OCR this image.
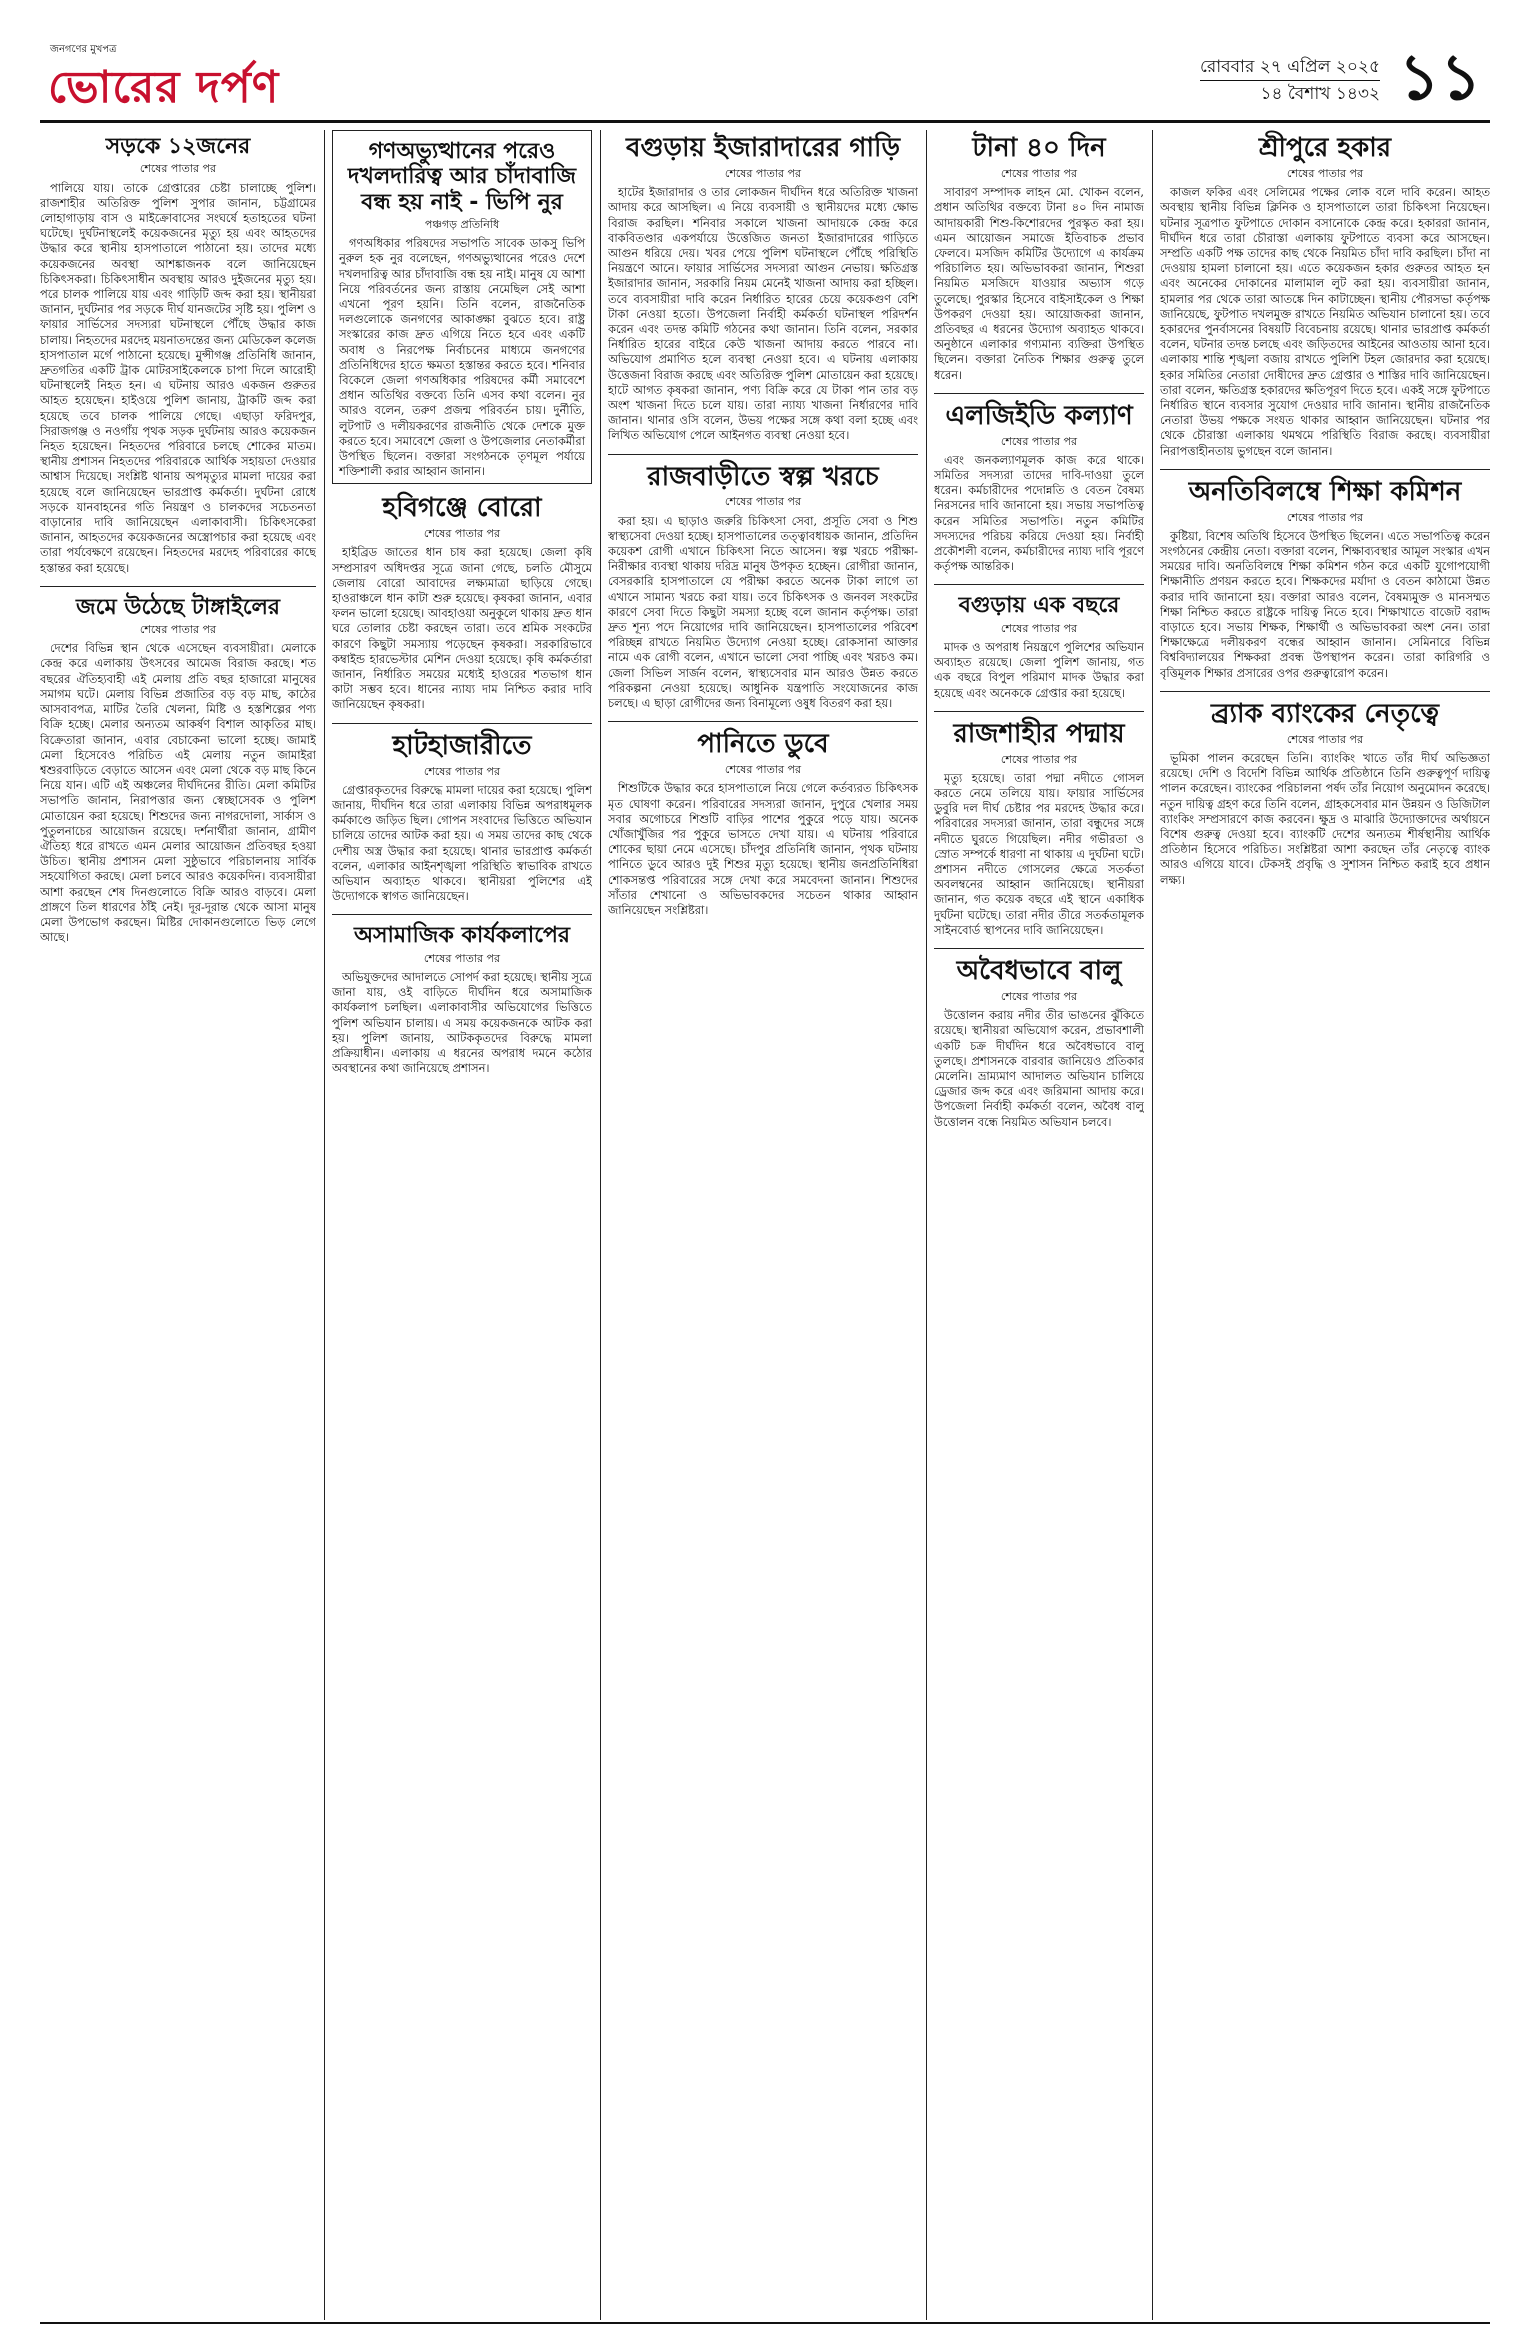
জনগণের মুখপত্র
ভোরের দর্পণ	রোববার ২৭ এপ্রিল ২০২৫
১৪ বৈশাখ ১৪৩২ ১১
সড়কে ১২জনের
শেষের পাতার পর
পালিয়ে যায়। তাকে গ্রেপ্তারের চেষ্টা চালাচ্ছে পুলিশ। রাজশাহীর অতিরিক্ত পুলিশ সুপার জানান, চট্টগ্রামের লোহাগাড়ায় বাস ও মাইক্রোবাসের সংঘর্ষে হতাহতের ঘটনা ঘটেছে। দুর্ঘটনাস্থলেই কয়েকজনের মৃত্যু হয় এবং আহতদের উদ্ধার করে স্থানীয় হাসপাতালে পাঠানো হয়। তাদের মধ্যে কয়েকজনের অবস্থা আশঙ্কাজনক বলে জানিয়েছেন চিকিৎসকরা। চিকিৎসাধীন অবস্থায় আরও দুইজনের মৃত্যু হয়। পরে চালক পালিয়ে যায় এবং গাড়িটি জব্দ করা হয়। স্থানীয়রা জানান, দুর্ঘটনার পর সড়কে দীর্ঘ যানজটের সৃষ্টি হয়। পুলিশ ও ফায়ার সার্ভিসের সদস্যরা ঘটনাস্থলে পৌঁছে উদ্ধার কাজ চালায়। নিহতদের মরদেহ ময়নাতদন্তের জন্য মেডিকেল কলেজ হাসপাতাল মর্গে পাঠানো হয়েছে। মুন্সীগঞ্জ প্রতিনিধি জানান, দ্রুতগতির একটি ট্রাক মোটরসাইকেলকে চাপা দিলে আরোহী ঘটনাস্থলেই নিহত হন। এ ঘটনায় আরও একজন গুরুতর আহত হয়েছেন। হাইওয়ে পুলিশ জানায়, ট্রাকটি জব্দ করা হয়েছে তবে চালক পালিয়ে গেছে। এছাড়া ফরিদপুর, সিরাজগঞ্জ ও নওগাঁয় পৃথক সড়ক দুর্ঘটনায় আরও কয়েকজন নিহত হয়েছেন। নিহতদের পরিবারে চলছে শোকের মাতম। স্থানীয় প্রশাসন নিহতদের পরিবারকে আর্থিক সহায়তা দেওয়ার আশ্বাস দিয়েছে। সংশ্লিষ্ট থানায় অপমৃত্যুর মামলা দায়ের করা হয়েছে বলে জানিয়েছেন ভারপ্রাপ্ত কর্মকর্তা। দুর্ঘটনা রোধে সড়কে যানবাহনের গতি নিয়ন্ত্রণ ও চালকদের সচেতনতা বাড়ানোর দাবি জানিয়েছেন এলাকাবাসী। চিকিৎসকেরা জানান, আহতদের কয়েকজনের অস্ত্রোপচার করা হয়েছে এবং তারা পর্যবেক্ষণে রয়েছেন। নিহতদের মরদেহ পরিবারের কাছে হস্তান্তর করা হয়েছে।
জমে উঠেছে টাঙ্গাইলের
শেষের পাতার পর
দেশের বিভিন্ন স্থান থেকে এসেছেন ব্যবসায়ীরা। মেলাকে কেন্দ্র করে এলাকায় উৎসবের আমেজ বিরাজ করছে। শত বছরের ঐতিহ্যবাহী এই মেলায় প্রতি বছর হাজারো মানুষের সমাগম ঘটে। মেলায় বিভিন্ন প্রজাতির বড় বড় মাছ, কাঠের আসবাবপত্র, মাটির তৈরি খেলনা, মিষ্টি ও হস্তশিল্পের পণ্য বিক্রি হচ্ছে। মেলার অন্যতম আকর্ষণ বিশাল আকৃতির মাছ। বিক্রেতারা জানান, এবার বেচাকেনা ভালো হচ্ছে। জামাই মেলা হিসেবেও পরিচিত এই মেলায় নতুন জামাইরা শ্বশুরবাড়িতে বেড়াতে আসেন এবং মেলা থেকে বড় মাছ কিনে নিয়ে যান। এটি এই অঞ্চলের দীর্ঘদিনের রীতি। মেলা কমিটির সভাপতি জানান, নিরাপত্তার জন্য স্বেচ্ছাসেবক ও পুলিশ মোতায়েন করা হয়েছে। শিশুদের জন্য নাগরদোলা, সার্কাস ও পুতুলনাচের আয়োজন রয়েছে। দর্শনার্থীরা জানান, গ্রামীণ ঐতিহ্য ধরে রাখতে এমন মেলার আয়োজন প্রতিবছর হওয়া উচিত। স্থানীয় প্রশাসন মেলা সুষ্ঠুভাবে পরিচালনায় সার্বিক সহযোগিতা করছে। মেলা চলবে আরও কয়েকদিন। ব্যবসায়ীরা আশা করছেন শেষ দিনগুলোতে বিক্রি আরও বাড়বে। মেলা প্রাঙ্গণে তিল ধারণের ঠাঁই নেই। দূর-দূরান্ত থেকে আসা মানুষ মেলা উপভোগ করছেন। মিষ্টির দোকানগুলোতে ভিড় লেগে আছে।
গণঅভ্যুত্থানের পরেও দখলদারিত্ব আর চাঁদাবাজি বন্ধ হয় নাই - ভিপি নুর
পঞ্চগড় প্রতিনিধি
গণঅধিকার পরিষদের সভাপতি সাবেক ডাকসু ভিপি নুরুল হক নুর বলেছেন, গণঅভ্যুত্থানের পরেও দেশে দখলদারিত্ব আর চাঁদাবাজি বন্ধ হয় নাই। মানুষ যে আশা নিয়ে পরিবর্তনের জন্য রাস্তায় নেমেছিল সেই আশা এখনো পূরণ হয়নি। তিনি বলেন, রাজনৈতিক দলগুলোকে জনগণের আকাঙ্ক্ষা বুঝতে হবে। রাষ্ট্র সংস্কারের কাজ দ্রুত এগিয়ে নিতে হবে এবং একটি অবাধ ও নিরপেক্ষ নির্বাচনের মাধ্যমে জনগণের প্রতিনিধিদের হাতে ক্ষমতা হস্তান্তর করতে হবে। শনিবার বিকেলে জেলা গণঅধিকার পরিষদের কর্মী সমাবেশে প্রধান অতিথির বক্তব্যে তিনি এসব কথা বলেন। নুর আরও বলেন, তরুণ প্রজন্ম পরিবর্তন চায়। দুর্নীতি, লুটপাট ও দলীয়করণের রাজনীতি থেকে দেশকে মুক্ত করতে হবে। সমাবেশে জেলা ও উপজেলার নেতাকর্মীরা উপস্থিত ছিলেন। বক্তারা সংগঠনকে তৃণমূল পর্যায়ে শক্তিশালী করার আহ্বান জানান।
হবিগঞ্জে বোরো
শেষের পাতার পর
হাইব্রিড জাতের ধান চাষ করা হয়েছে। জেলা কৃষি সম্প্রসারণ অধিদপ্তর সূত্রে জানা গেছে, চলতি মৌসুমে জেলায় বোরো আবাদের লক্ষ্যমাত্রা ছাড়িয়ে গেছে। হাওরাঞ্চলে ধান কাটা শুরু হয়েছে। কৃষকরা জানান, এবার ফলন ভালো হয়েছে। আবহাওয়া অনুকূলে থাকায় দ্রুত ধান ঘরে তোলার চেষ্টা করছেন তারা। তবে শ্রমিক সংকটের কারণে কিছুটা সমস্যায় পড়েছেন কৃষকরা। সরকারিভাবে কম্বাইন্ড হারভেস্টার মেশিন দেওয়া হয়েছে। কৃষি কর্মকর্তারা জানান, নির্ধারিত সময়ের মধ্যেই হাওরের শতভাগ ধান কাটা সম্ভব হবে। ধানের ন্যায্য দাম নিশ্চিত করার দাবি জানিয়েছেন কৃষকরা।
হাটহাজারীতে
শেষের পাতার পর
গ্রেপ্তারকৃতদের বিরুদ্ধে মামলা দায়ের করা হয়েছে। পুলিশ জানায়, দীর্ঘদিন ধরে তারা এলাকায় বিভিন্ন অপরাধমূলক কর্মকাণ্ডে জড়িত ছিল। গোপন সংবাদের ভিত্তিতে অভিযান চালিয়ে তাদের আটক করা হয়। এ সময় তাদের কাছ থেকে দেশীয় অস্ত্র উদ্ধার করা হয়েছে। থানার ভারপ্রাপ্ত কর্মকর্তা বলেন, এলাকার আইনশৃঙ্খলা পরিস্থিতি স্বাভাবিক রাখতে অভিযান অব্যাহত থাকবে। স্থানীয়রা পুলিশের এই উদ্যোগকে স্বাগত জানিয়েছেন।
অসামাজিক কার্যকলাপের
শেষের পাতার পর
অভিযুক্তদের আদালতে সোপর্দ করা হয়েছে। স্থানীয় সূত্রে জানা যায়, ওই বাড়িতে দীর্ঘদিন ধরে অসামাজিক কার্যকলাপ চলছিল। এলাকাবাসীর অভিযোগের ভিত্তিতে পুলিশ অভিযান চালায়। এ সময় কয়েকজনকে আটক করা হয়। পুলিশ জানায়, আটককৃতদের বিরুদ্ধে মামলা প্রক্রিয়াধীন। এলাকায় এ ধরনের অপরাধ দমনে কঠোর অবস্থানের কথা জানিয়েছে প্রশাসন।
বগুড়ায় ইজারাদারের গাড়ি
শেষের পাতার পর
হাটের ইজারাদার ও তার লোকজন দীর্ঘদিন ধরে অতিরিক্ত খাজনা আদায় করে আসছিল। এ নিয়ে ব্যবসায়ী ও স্থানীয়দের মধ্যে ক্ষোভ বিরাজ করছিল। শনিবার সকালে খাজনা আদায়কে কেন্দ্র করে বাকবিতণ্ডার একপর্যায়ে উত্তেজিত জনতা ইজারাদারের গাড়িতে আগুন ধরিয়ে দেয়। খবর পেয়ে পুলিশ ঘটনাস্থলে পৌঁছে পরিস্থিতি নিয়ন্ত্রণে আনে। ফায়ার সার্ভিসের সদস্যরা আগুন নেভায়। ক্ষতিগ্রস্ত ইজারাদার জানান, সরকারি নিয়ম মেনেই খাজনা আদায় করা হচ্ছিল। তবে ব্যবসায়ীরা দাবি করেন নির্ধারিত হারের চেয়ে কয়েকগুণ বেশি টাকা নেওয়া হতো। উপজেলা নির্বাহী কর্মকর্তা ঘটনাস্থল পরিদর্শন করেন এবং তদন্ত কমিটি গঠনের কথা জানান। তিনি বলেন, সরকার নির্ধারিত হারের বাইরে কেউ খাজনা আদায় করতে পারবে না। অভিযোগ প্রমাণিত হলে ব্যবস্থা নেওয়া হবে। এ ঘটনায় এলাকায় উত্তেজনা বিরাজ করছে এবং অতিরিক্ত পুলিশ মোতায়েন করা হয়েছে। হাটে আগত কৃষকরা জানান, পণ্য বিক্রি করে যে টাকা পান তার বড় অংশ খাজনা দিতে চলে যায়। তারা ন্যায্য খাজনা নির্ধারণের দাবি জানান। থানার ওসি বলেন, উভয় পক্ষের সঙ্গে কথা বলা হচ্ছে এবং লিখিত অভিযোগ পেলে আইনগত ব্যবস্থা নেওয়া হবে।
রাজবাড়ীতে স্বল্প খরচে
শেষের পাতার পর
করা হয়। এ ছাড়াও জরুরি চিকিৎসা সেবা, প্রসূতি সেবা ও শিশু স্বাস্থ্যসেবা দেওয়া হচ্ছে। হাসপাতালের তত্ত্বাবধায়ক জানান, প্রতিদিন কয়েকশ রোগী এখানে চিকিৎসা নিতে আসেন। স্বল্প খরচে পরীক্ষা-নিরীক্ষার ব্যবস্থা থাকায় দরিদ্র মানুষ উপকৃত হচ্ছেন। রোগীরা জানান, বেসরকারি হাসপাতালে যে পরীক্ষা করতে অনেক টাকা লাগে তা এখানে সামান্য খরচে করা যায়। তবে চিকিৎসক ও জনবল সংকটের কারণে সেবা দিতে কিছুটা সমস্যা হচ্ছে বলে জানান কর্তৃপক্ষ। তারা দ্রুত শূন্য পদে নিয়োগের দাবি জানিয়েছেন। হাসপাতালের পরিবেশ পরিচ্ছন্ন রাখতে নিয়মিত উদ্যোগ নেওয়া হচ্ছে। রোকসানা আক্তার নামে এক রোগী বলেন, এখানে ভালো সেবা পাচ্ছি এবং খরচও কম। জেলা সিভিল সার্জন বলেন, স্বাস্থ্যসেবার মান আরও উন্নত করতে পরিকল্পনা নেওয়া হয়েছে। আধুনিক যন্ত্রপাতি সংযোজনের কাজ চলছে। এ ছাড়া রোগীদের জন্য বিনামূল্যে ওষুধ বিতরণ করা হয়।
পানিতে ডুবে
শেষের পাতার পর
শিশুটিকে উদ্ধার করে হাসপাতালে নিয়ে গেলে কর্তব্যরত চিকিৎসক মৃত ঘোষণা করেন। পরিবারের সদস্যরা জানান, দুপুরে খেলার সময় সবার অগোচরে শিশুটি বাড়ির পাশের পুকুরে পড়ে যায়। অনেক খোঁজাখুঁজির পর পুকুরে ভাসতে দেখা যায়। এ ঘটনায় পরিবারে শোকের ছায়া নেমে এসেছে। চাঁদপুর প্রতিনিধি জানান, পৃথক ঘটনায় পানিতে ডুবে আরও দুই শিশুর মৃত্যু হয়েছে। স্থানীয় জনপ্রতিনিধিরা শোকসন্তপ্ত পরিবারের সঙ্গে দেখা করে সমবেদনা জানান। শিশুদের সাঁতার শেখানো ও অভিভাবকদের সচেতন থাকার আহ্বান জানিয়েছেন সংশ্লিষ্টরা।
টানা ৪০ দিন
শেষের পাতার পর
সাবারণ সম্পাদক লাহন মো. খোকন বলেন, প্রধান অতিথির বক্তব্যে টানা ৪০ দিন নামাজ আদায়কারী শিশু-কিশোরদের পুরস্কৃত করা হয়। এমন আয়োজন সমাজে ইতিবাচক প্রভাব ফেলবে। মসজিদ কমিটির উদ্যোগে এ কার্যক্রম পরিচালিত হয়। অভিভাবকরা জানান, শিশুরা নিয়মিত মসজিদে যাওয়ার অভ্যাস গড়ে তুলেছে। পুরস্কার হিসেবে বাইসাইকেল ও শিক্ষা উপকরণ দেওয়া হয়। আয়োজকরা জানান, প্রতিবছর এ ধরনের উদ্যোগ অব্যাহত থাকবে। অনুষ্ঠানে এলাকার গণ্যমান্য ব্যক্তিরা উপস্থিত ছিলেন। বক্তারা নৈতিক শিক্ষার গুরুত্ব তুলে ধরেন।
এলজিইডি কল্যাণ
শেষের পাতার পর
এবং জনকল্যাণমূলক কাজ করে থাকে। সমিতির সদস্যরা তাদের দাবি-দাওয়া তুলে ধরেন। কর্মচারীদের পদোন্নতি ও বেতন বৈষম্য নিরসনের দাবি জানানো হয়। সভায় সভাপতিত্ব করেন সমিতির সভাপতি। নতুন কমিটির সদস্যদের পরিচয় করিয়ে দেওয়া হয়। নির্বাহী প্রকৌশলী বলেন, কর্মচারীদের ন্যায্য দাবি পূরণে কর্তৃপক্ষ আন্তরিক।
বগুড়ায় এক বছরে
শেষের পাতার পর
মাদক ও অপরাধ নিয়ন্ত্রণে পুলিশের অভিযান অব্যাহত রয়েছে। জেলা পুলিশ জানায়, গত এক বছরে বিপুল পরিমাণ মাদক উদ্ধার করা হয়েছে এবং অনেককে গ্রেপ্তার করা হয়েছে।
রাজশাহীর পদ্মায়
শেষের পাতার পর
মৃত্যু হয়েছে। তারা পদ্মা নদীতে গোসল করতে নেমে তলিয়ে যায়। ফায়ার সার্ভিসের ডুবুরি দল দীর্ঘ চেষ্টার পর মরদেহ উদ্ধার করে। পরিবারের সদস্যরা জানান, তারা বন্ধুদের সঙ্গে নদীতে ঘুরতে গিয়েছিল। নদীর গভীরতা ও স্রোত সম্পর্কে ধারণা না থাকায় এ দুর্ঘটনা ঘটে। প্রশাসন নদীতে গোসলের ক্ষেত্রে সতর্কতা অবলম্বনের আহ্বান জানিয়েছে। স্থানীয়রা জানান, গত কয়েক বছরে এই স্থানে একাধিক দুর্ঘটনা ঘটেছে। তারা নদীর তীরে সতর্কতামূলক সাইনবোর্ড স্থাপনের দাবি জানিয়েছেন।
অবৈধভাবে বালু
শেষের পাতার পর
উত্তোলন করায় নদীর তীর ভাঙনের ঝুঁকিতে রয়েছে। স্থানীয়রা অভিযোগ করেন, প্রভাবশালী একটি চক্র দীর্ঘদিন ধরে অবৈধভাবে বালু তুলছে। প্রশাসনকে বারবার জানিয়েও প্রতিকার মেলেনি। ভ্রাম্যমাণ আদালত অভিযান চালিয়ে ড্রেজার জব্দ করে এবং জরিমানা আদায় করে। উপজেলা নির্বাহী কর্মকর্তা বলেন, অবৈধ বালু উত্তোলন বন্ধে নিয়মিত অভিযান চলবে।
শ্রীপুরে হকার
শেষের পাতার পর
কাজল ফকির এবং সেলিমের পক্ষের লোক বলে দাবি করেন। আহত অবস্থায় স্থানীয় বিভিন্ন ক্লিনিক ও হাসপাতালে তারা চিকিৎসা নিয়েছেন। ঘটনার সূত্রপাত ফুটপাতে দোকান বসানোকে কেন্দ্র করে। হকাররা জানান, দীর্ঘদিন ধরে তারা চৌরাস্তা এলাকায় ফুটপাতে ব্যবসা করে আসছেন। সম্প্রতি একটি পক্ষ তাদের কাছ থেকে নিয়মিত চাঁদা দাবি করছিল। চাঁদা না দেওয়ায় হামলা চালানো হয়। এতে কয়েকজন হকার গুরুতর আহত হন এবং অনেকের দোকানের মালামাল লুট করা হয়। ব্যবসায়ীরা জানান, হামলার পর থেকে তারা আতঙ্কে দিন কাটাচ্ছেন। স্থানীয় পৌরসভা কর্তৃপক্ষ জানিয়েছে, ফুটপাত দখলমুক্ত রাখতে নিয়মিত অভিযান চালানো হয়। তবে হকারদের পুনর্বাসনের বিষয়টি বিবেচনায় রয়েছে। থানার ভারপ্রাপ্ত কর্মকর্তা বলেন, ঘটনার তদন্ত চলছে এবং জড়িতদের আইনের আওতায় আনা হবে। এলাকায় শান্তি শৃঙ্খলা বজায় রাখতে পুলিশি টহল জোরদার করা হয়েছে। হকার সমিতির নেতারা দোষীদের দ্রুত গ্রেপ্তার ও শাস্তির দাবি জানিয়েছেন। তারা বলেন, ক্ষতিগ্রস্ত হকারদের ক্ষতিপূরণ দিতে হবে। একই সঙ্গে ফুটপাতে নির্ধারিত স্থানে ব্যবসার সুযোগ দেওয়ার দাবি জানান। স্থানীয় রাজনৈতিক নেতারা উভয় পক্ষকে সংযত থাকার আহ্বান জানিয়েছেন। ঘটনার পর থেকে চৌরাস্তা এলাকায় থমথমে পরিস্থিতি বিরাজ করছে। ব্যবসায়ীরা নিরাপত্তাহীনতায় ভুগছেন বলে জানান।
অনতিবিলম্বে শিক্ষা কমিশন
শেষের পাতার পর
কুষ্টিয়া, বিশেষ অতিথি হিসেবে উপস্থিত ছিলেন। এতে সভাপতিত্ব করেন সংগঠনের কেন্দ্রীয় নেতা। বক্তারা বলেন, শিক্ষাব্যবস্থার আমূল সংস্কার এখন সময়ের দাবি। অনতিবিলম্বে শিক্ষা কমিশন গঠন করে একটি যুগোপযোগী শিক্ষানীতি প্রণয়ন করতে হবে। শিক্ষকদের মর্যাদা ও বেতন কাঠামো উন্নত করার দাবি জানানো হয়। বক্তারা আরও বলেন, বৈষম্যমুক্ত ও মানসম্মত শিক্ষা নিশ্চিত করতে রাষ্ট্রকে দায়িত্ব নিতে হবে। শিক্ষাখাতে বাজেট বরাদ্দ বাড়াতে হবে। সভায় শিক্ষক, শিক্ষার্থী ও অভিভাবকরা অংশ নেন। তারা শিক্ষাক্ষেত্রে দলীয়করণ বন্ধের আহ্বান জানান। সেমিনারে বিভিন্ন বিশ্ববিদ্যালয়ের শিক্ষকরা প্রবন্ধ উপস্থাপন করেন। তারা কারিগরি ও বৃত্তিমূলক শিক্ষার প্রসারের ওপর গুরুত্বারোপ করেন।
ব্র্যাক ব্যাংকের নেতৃত্বে
শেষের পাতার পর
ভূমিকা পালন করেছেন তিনি। ব্যাংকিং খাতে তাঁর দীর্ঘ অভিজ্ঞতা রয়েছে। দেশি ও বিদেশি বিভিন্ন আর্থিক প্রতিষ্ঠানে তিনি গুরুত্বপূর্ণ দায়িত্ব পালন করেছেন। ব্যাংকের পরিচালনা পর্ষদ তাঁর নিয়োগ অনুমোদন করেছে। নতুন দায়িত্ব গ্রহণ করে তিনি বলেন, গ্রাহকসেবার মান উন্নয়ন ও ডিজিটাল ব্যাংকিং সম্প্রসারণে কাজ করবেন। ক্ষুদ্র ও মাঝারি উদ্যোক্তাদের অর্থায়নে বিশেষ গুরুত্ব দেওয়া হবে। ব্যাংকটি দেশের অন্যতম শীর্ষস্থানীয় আর্থিক প্রতিষ্ঠান হিসেবে পরিচিত। সংশ্লিষ্টরা আশা করছেন তাঁর নেতৃত্বে ব্যাংক আরও এগিয়ে যাবে। টেকসই প্রবৃদ্ধি ও সুশাসন নিশ্চিত করাই হবে প্রধান লক্ষ্য।
